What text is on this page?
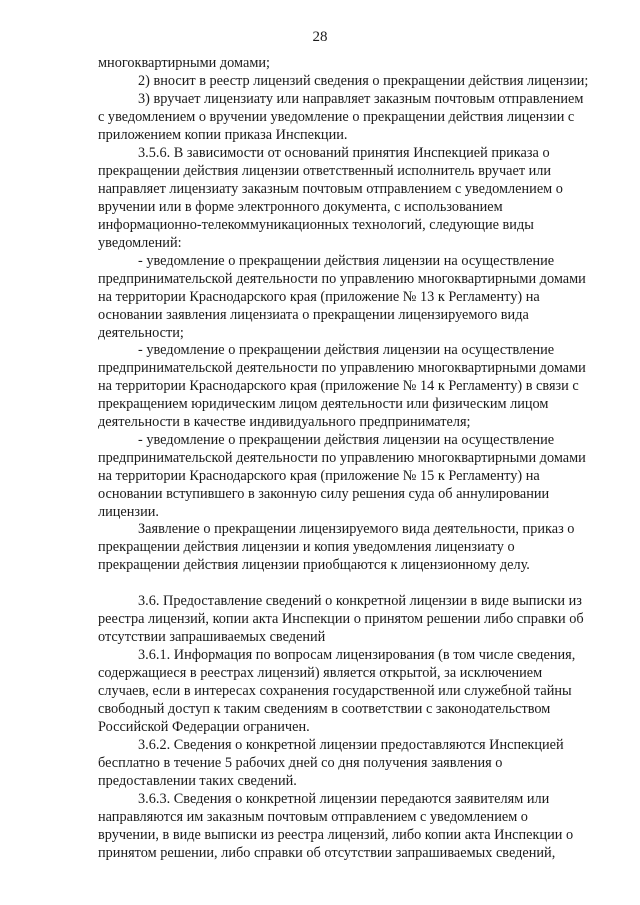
28
многоквартирными домами;
2) вносит в реестр лицензий сведения о прекращении действия лицензии;
3) вручает лицензиату или направляет заказным почтовым отправлением
с уведомлением о вручении уведомление о прекращении действия лицензии с
приложением копии приказа Инспекции.
3.5.6. В зависимости от оснований принятия Инспекцией приказа о
прекращении действия лицензии ответственный исполнитель вручает или
направляет лицензиату заказным почтовым отправлением с уведомлением о
вручении или в форме электронного документа, с использованием
информационно-телекоммуникационных технологий, следующие виды
уведомлений:
- уведомление о прекращении действия лицензии на осуществление
предпринимательской деятельности по управлению многоквартирными домами
на территории Краснодарского края (приложение № 13 к Регламенту) на
основании заявления лицензиата о прекращении лицензируемого вида
деятельности;
- уведомление о прекращении действия лицензии на осуществление
предпринимательской деятельности по управлению многоквартирными домами
на территории Краснодарского края (приложение № 14 к Регламенту) в связи с
прекращением юридическим лицом деятельности или физическим лицом
деятельности в качестве индивидуального предпринимателя;
- уведомление о прекращении действия лицензии на осуществление
предпринимательской деятельности по управлению многоквартирными домами
на территории Краснодарского края (приложение № 15 к Регламенту) на
основании вступившего в законную силу решения суда об аннулировании
лицензии.
Заявление о прекращении лицензируемого вида деятельности, приказ о
прекращении действия лицензии и копия уведомления лицензиату о
прекращении действия лицензии приобщаются к лицензионному делу.
3.6. Предоставление сведений о конкретной лицензии в виде выписки из
реестра лицензий, копии акта Инспекции о принятом решении либо справки об
отсутствии запрашиваемых сведений
3.6.1. Информация по вопросам лицензирования (в том числе сведения,
содержащиеся в реестрах лицензий) является открытой, за исключением
случаев, если в интересах сохранения государственной или служебной тайны
свободный доступ к таким сведениям в соответствии с законодательством
Российской Федерации ограничен.
3.6.2. Сведения о конкретной лицензии предоставляются Инспекцией
бесплатно в течение 5 рабочих дней со дня получения заявления о
предоставлении таких сведений.
3.6.3. Сведения о конкретной лицензии передаются заявителям или
направляются им заказным почтовым отправлением с уведомлением о
вручении, в виде выписки из реестра лицензий, либо копии акта Инспекции о
принятом решении, либо справки об отсутствии запрашиваемых сведений,
